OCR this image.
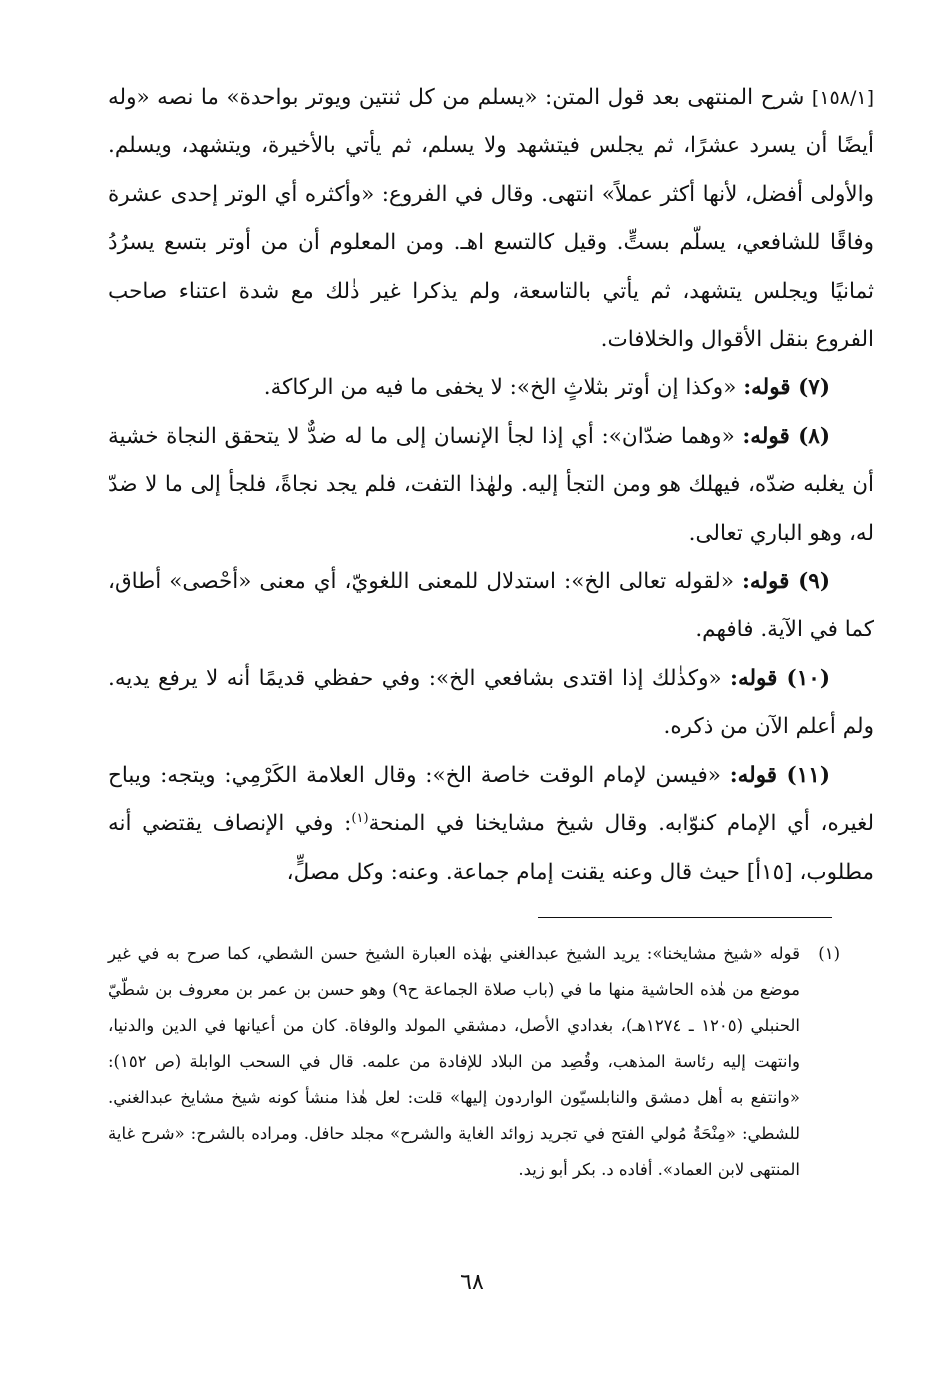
[١٥٨/١] شرح المنتهى بعد قول المتن: «يسلم من كل ثنتين ويوتر بواحدة» ما نصه «وله أيضًا أن يسرد عشرًا، ثم يجلس فيتشهد ولا يسلم، ثم يأتي بالأخيرة، ويتشهد، ويسلم. والأولى أفضل، لأنها أكثر عملاً» انتهى. وقال في الفروع: «وأكثره أي الوتر إحدى عشرة وفاقًا للشافعي، يسلّم بستٍّ. وقيل كالتسع اهـ. ومن المعلوم أن من أوتر بتسع يسرُدُ ثمانيًا ويجلس يتشهد، ثم يأتي بالتاسعة، ولم يذكرا غير ذٰلك مع شدة اعتناء صاحب الفروع بنقل الأقوال والخلافات.

(٧) قوله: «وكذا إن أوتر بثلاثٍ الخ»: لا يخفى ما فيه من الركاكة.

(٨) قوله: «وهما ضدّان»: أي إذا لجأ الإنسان إلى ما له ضدٌّ لا يتحقق النجاة خشية أن يغلبه ضدّه، فيهلك هو ومن التجأ إليه. ولهٰذا التفت، فلم يجد نجاةً، فلجأ إلى ما لا ضدّ له، وهو الباري تعالى.

(٩) قوله: «لقوله تعالى الخ»: استدلال للمعنى اللغويّ، أي معنى «أحْصى» أطاق، كما في الآية. فافهم.

(١٠) قوله: «وكذٰلك إذا اقتدى بشافعي الخ»: وفي حفظي قديمًا أنه لا يرفع يديه. ولم أعلم الآن من ذكره.

(١١) قوله: «فيسن لإمام الوقت خاصة الخ»: وقال العلامة الكَرْمِي: ويتجه: ويباح لغيره، أي الإمام كنوّابه. وقال شيخ مشايخنا في المنحة$^{(١)}$: وفي الإنصاف يقتضي أنه مطلوب، [١٥أ] حيث قال وعنه يقنت إمام جماعة. وعنه: وكل مصلٍّ،

(١)
قوله «شيخ مشايخنا»: يريد الشيخ عبدالغني بهٰذه العبارة الشيخ حسن الشطي، كما صرح به في غير موضع من هٰذه الحاشية منها ما في (باب صلاة الجماعة ح٩) وهو حسن بن عمر بن معروف بن شطّيّ الحنبلي (١٢٠٥ ـ ١٢٧٤هـ)، بغدادي الأصل، دمشقي المولد والوفاة. كان من أعيانها في الدين والدنيا، وانتهت إليه رئاسة المذهب، وقُصِد من البلاد للإفادة من علمه. قال في السحب الوابلة (ص ١٥٢): «وانتفع به أهل دمشق والنابلسيّون الواردون إليها» قلت: لعل هٰذا منشأ كونه شيخ مشايخ عبدالغني. للشطي: «مِنْحَةُ مُولي الفتح في تجريد زوائد الغاية والشرح» مجلد حافل. ومراده بالشرح: «شرح غاية المنتهى لابن العماد». أفاده د. بكر أبو زيد.
٦٨
